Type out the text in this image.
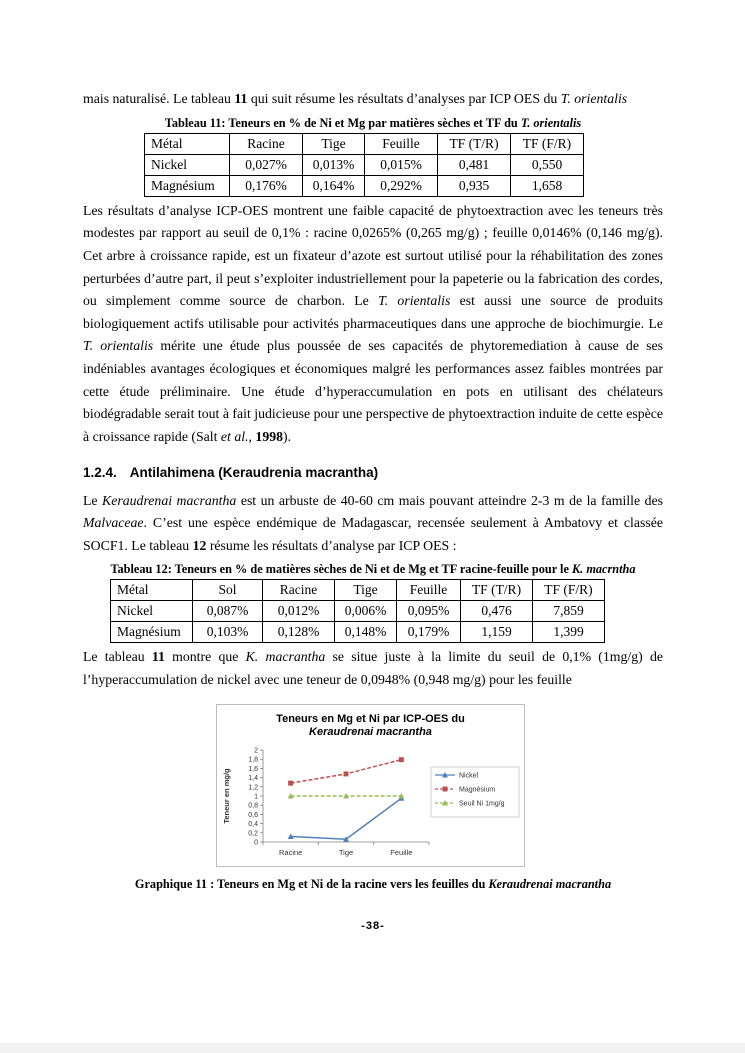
mais naturalisé. Le tableau 11 qui suit résume les résultats d’analyses par ICP OES du T. orientalis

Tableau 11: Teneurs en % de Ni et Mg par matières sèches et TF du T. orientalis

Métal	Racine	Tige	Feuille	TF (T/R)	TF (F/R)
Nickel	0,027%	0,013%	0,015%	0,481	0,550
Magnésium	0,176%	0,164%	0,292%	0,935	1,658

Les résultats d’analyse ICP-OES montrent une faible capacité de phytoextraction avec les teneurs très modestes par rapport au seuil de 0,1% : racine 0,0265% (0,265 mg/g) ; feuille 0,0146% (0,146 mg/g). Cet arbre à croissance rapide, est un fixateur d’azote est surtout utilisé pour la réhabilitation des zones perturbées d’autre part, il peut s’exploiter industriellement pour la papeterie ou la fabrication des cordes, ou simplement comme source de charbon. Le T. orientalis est aussi une source de produits biologiquement actifs utilisable pour activités pharmaceutiques dans une approche de biochimurgie. Le T. orientalis mérite une étude plus poussée de ses capacités de phytoremediation à cause de ses indéniables avantages écologiques et économiques malgré les performances assez faibles montrées par cette étude préliminaire. Une étude d’hyperaccumulation en pots en utilisant des chélateurs biodégradable serait tout à fait judicieuse pour une perspective de phytoextraction induite de cette espèce à croissance rapide (Salt et al., 1998).

1.2.4. Antilahimena (Keraudrenia macrantha)

Le Keraudrenai macrantha est un arbuste de 40-60 cm mais pouvant atteindre 2-3 m de la famille des Malvaceae. C’est une espèce endémique de Madagascar, recensée seulement à Ambatovy et classée SOCF1. Le tableau 12 résume les résultats d’analyse par ICP OES :

Tableau 12: Teneurs en % de matières sèches de Ni et de Mg et TF racine-feuille pour le K. macrntha

Métal	Sol	Racine	Tige	Feuille	TF (T/R)	TF (F/R)
Nickel	0,087%	0,012%	0,006%	0,095%	0,476	7,859
Magnésium	0,103%	0,128%	0,148%	0,179%	1,159	1,399

Le tableau 11 montre que K. macrantha se situe juste à la limite du seuil de 0,1% (1mg/g) de l’hyperaccumulation de nickel avec une teneur de 0,0948% (0,948 mg/g) pour les feuille

Teneurs en Mg et Ni par ICP-OES du Keraudrenai macrantha
0
0,2
0,4
0,6
0,8
1
1,2
1,4
1,6
1,8
2
Racine	Tige	Feuille
Teneur en mg/g	Nickel
Magnésium
Seuil Ni 1mg/g

Graphique 11 : Teneurs en Mg et Ni de la racine vers les feuilles du Keraudrenai macrantha

-38-
